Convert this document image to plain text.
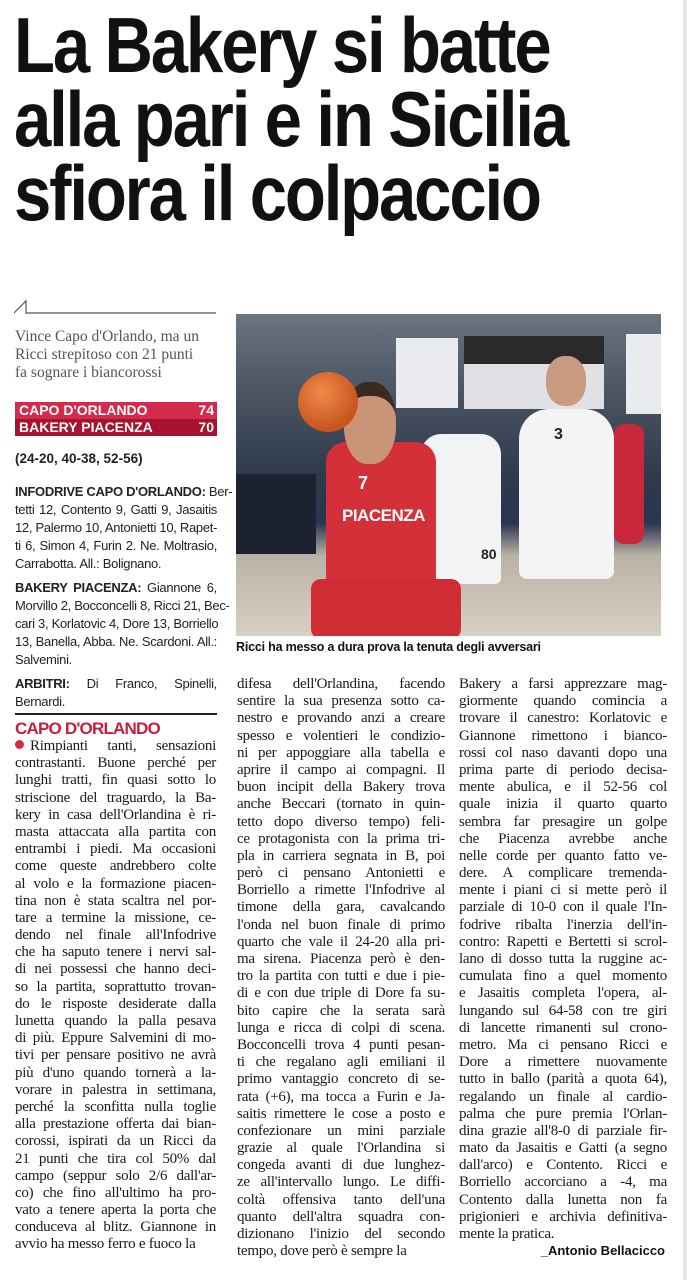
La Bakery si batte
alla pari e in Sicilia
sfiora il colpaccio
Vince Capo d'Orlando, ma un
Ricci strepitoso con 21 punti
fa sognare i biancorossi
CAPO D'ORLANDO	74
BAKERY PIACENZA	70
(24-20, 40-38, 52-56)
INFODRIVE CAPO D'ORLANDO: Ber-
tetti 12, Contento 9, Gatti 9, Jasaitis
12, Palermo 10, Antonietti 10, Rapet-
ti 6, Simon 4, Furin 2. Ne. Moltrasio,
Carrabotta. All.: Bolignano.
BAKERY PIACENZA: Giannone 6,
Morvillo 2, Bocconcelli 8, Ricci 21, Bec-
cari 3, Korlatovic 4, Dore 13, Borriello
13, Banella, Abba. Ne. Scardoni. All.:
Salvemini.
ARBITRI: Di Franco, Spinelli,
Bernardi.
CAPO D'ORLANDO
Rimpianti tanti, sensazioni
contrastanti. Buone perché per
lunghi tratti, fin quasi sotto lo
striscione del traguardo, la Ba-
kery in casa dell'Orlandina è ri-
masta attaccata alla partita con
entrambi i piedi. Ma occasioni
come queste andrebbero colte
al volo e la formazione piacen-
tina non è stata scaltra nel por-
tare a termine la missione, ce-
dendo nel finale all'Infodrive
che ha saputo tenere i nervi sal-
di nei possessi che hanno deci-
so la partita, soprattutto trovan-
do le risposte desiderate dalla
lunetta quando la palla pesava
di più. Eppure Salvemini di mo-
tivi per pensare positivo ne avrà
più d'uno quando tornerà a la-
vorare in palestra in settimana,
perché la sconfitta nulla toglie
alla prestazione offerta dai bian-
corossi, ispirati da un Ricci da
21 punti che tira col 50% dal
campo (seppur solo 2/6 dall'ar-
co) che fino all'ultimo ha pro-
vato a tenere aperta la porta che
conduceva al blitz. Giannone in
avvio ha messo ferro e fuoco la
difesa dell'Orlandina, facendo
sentire la sua presenza sotto ca-
nestro e provando anzi a creare
spesso e volentieri le condizio-
ni per appoggiare alla tabella e
aprire il campo ai compagni. Il
buon incipit della Bakery trova
anche Beccari (tornato in quin-
tetto dopo diverso tempo) feli-
ce protagonista con la prima tri-
pla in carriera segnata in B, poi
però ci pensano Antonietti e
Borriello a rimette l'Infodrive al
timone della gara, cavalcando
l'onda nel buon finale di primo
quarto che vale il 24-20 alla pri-
ma sirena. Piacenza però è den-
tro la partita con tutti e due i pie-
di e con due triple di Dore fa su-
bito capire che la serata sarà
lunga e ricca di colpi di scena.
Bocconcelli trova 4 punti pesan-
ti che regalano agli emiliani il
primo vantaggio concreto di se-
rata (+6), ma tocca a Furin e Ja-
saitis rimettere le cose a posto e
confezionare un mini parziale
grazie al quale l'Orlandina si
congeda avanti di due lunghez-
ze all'intervallo lungo. Le diffi-
coltà offensiva tanto dell'una
quanto dell'altra squadra con-
dizionano l'inizio del secondo
tempo, dove però è sempre la
Bakery a farsi apprezzare mag-
giormente quando comincia a
trovare il canestro: Korlatovic e
Giannone rimettono i bianco-
rossi col naso davanti dopo una
prima parte di periodo decisa-
mente abulica, e il 52-56 col
quale inizia il quarto quarto
sembra far presagire un golpe
che Piacenza avrebbe anche
nelle corde per quanto fatto ve-
dere. A complicare tremenda-
mente i piani ci si mette però il
parziale di 10-0 con il quale l'In-
fodrive ribalta l'inerzia dell'in-
contro: Rapetti e Bertetti si scrol-
lano di dosso tutta la ruggine ac-
cumulata fino a quel momento
e Jasaitis completa l'opera, al-
lungando sul 64-58 con tre giri
di lancette rimanenti sul crono-
metro. Ma ci pensano Ricci e
Dore a rimettere nuovamente
tutto in ballo (parità a quota 64),
regalando un finale al cardio-
palma che pure premia l'Orlan-
dina grazie all'8-0 di parziale fir-
mato da Jasaitis e Gatti (a segno
dall'arco) e Contento. Ricci e
Borriello accorciano a -4, ma
Contento dalla lunetta non fa
prigionieri e archivia definitiva-
mente la pratica.
_Antonio Bellacicco
3
80
7
PIACENZA
Ricci ha messo a dura prova la tenuta degli avversari
